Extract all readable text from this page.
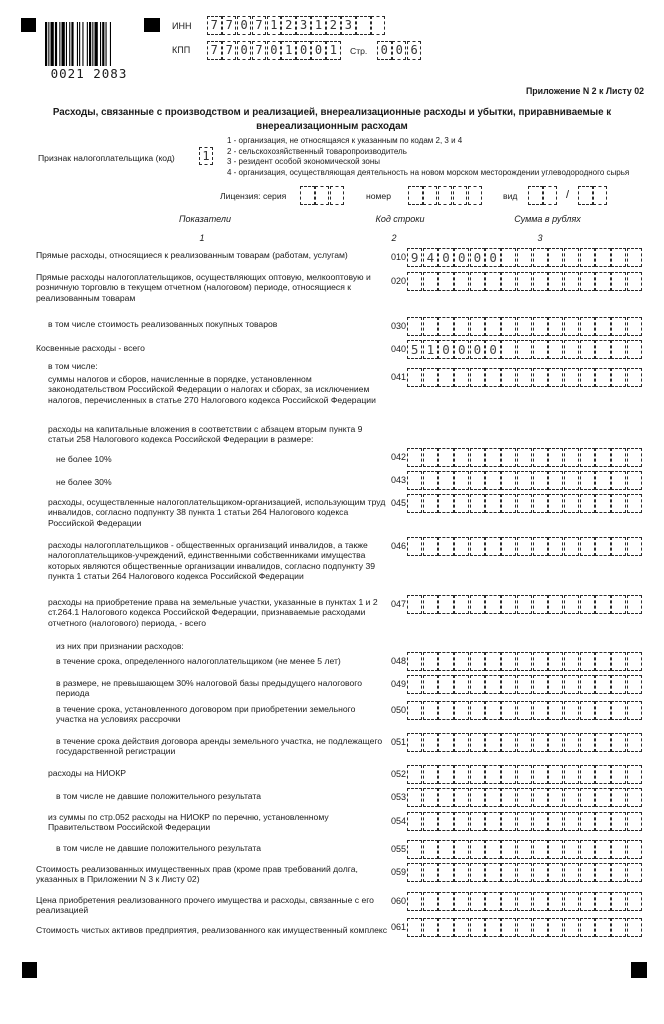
0021 2083
ИНН	7 7 0 7 1 2 3 1 2 3
КПП	7 7 0 7 0 1 0 0 1	Стр.	0 0 6
Приложение N 2 к Листу 02
Расходы, связанные с производством и реализацией, внереализационные расходы и убытки, приравниваемые к внереализационным расходам
Признак налогоплательщика (код) 1
1 - организация, не относящаяся к указанным по кодам 2, 3 и 4
2 - сельскохозяйственный товаропроизводитель
3 - резидент особой экономической зоны
4 - организация, осуществляющая деятельность на новом морском месторождении углеводородного сырья
Лицензия: серия	номер	вид	/
Показатели	Код строки	Сумма в рублях
1	2	3
Прямые расходы, относящиеся к реализованным товарам (работам, услугам)	010 9 4 0 0 0 0
Прямые расходы налогоплательщиков, осуществляющих оптовую, мелкооптовую и розничную торговлю в текущем отчетном (налоговом) периоде, относящиеся к реализованным товарам
020
в том числе стоимость реализованных покупных товаров	030
Косвенные расходы - всего	040 5 1 0 0 0 0
в том числе:
суммы налогов и сборов, начисленные в порядке, установленном законодательством Российской Федерации о налогах и сборах, за исключением налогов, перечисленных в статье 270 Налогового кодекса Российской Федерации
041
расходы на капитальные вложения в соответствии с абзацем вторым пункта 9 статьи 258 Налогового кодекса Российской Федерации в размере:
не более 10%	042
не более 30%	043
расходы, осуществленные налогоплательщиком-организацией, использующим труд инвалидов, согласно подпункту 38 пункта 1 статьи 264 Налогового кодекса Российской Федерации
045
расходы налогоплательщиков - общественных организаций инвалидов, а также налогоплательщиков-учреждений, единственными собственниками имущества которых являются общественные организации инвалидов, согласно подпункту 39 пункта 1 статьи 264 Налогового кодекса Российской Федерации
046
расходы на приобретение права на земельные участки, указанные в пунктах 1 и 2 ст.264.1 Налогового кодекса Российской Федерации, признаваемые расходами отчетного (налогового) периода, - всего
047
из них при признании расходов:
в течение срока, определенного налогоплательщиком (не менее 5 лет)	048
в размере, не превышающем 30% налоговой базы предыдущего налогового периода
049
в течение срока, установленного договором при приобретении земельного участка на условиях рассрочки
050
в течение срока действия договора аренды земельного участка, не подлежащего государственной регистрации
051
расходы на НИОКР	052
в том числе не давшие положительного результата	053
из суммы по стр.052 расходы на НИОКР по перечню, установленному Правительством Российской Федерации
054
в том числе не давшие положительного результата	055
Стоимость реализованных имущественных прав (кроме прав требований долга, указанных в Приложении N 3 к Листу 02)
059
Цена приобретения реализованного прочего имущества и расходы, связанные с его реализацией
060
Стоимость чистых активов предприятия, реализованного как имущественный комплекс 061
